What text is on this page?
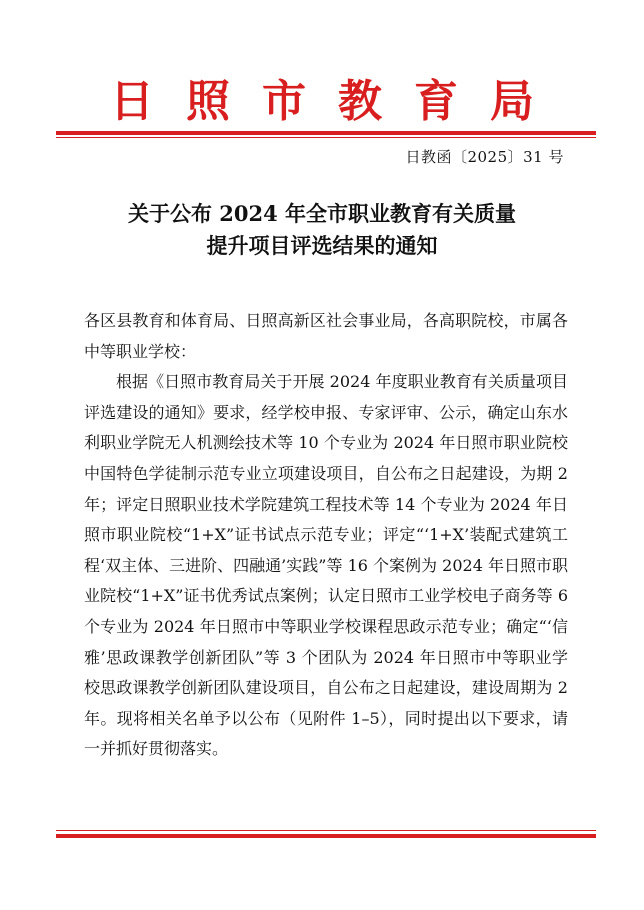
日照市教育局
日教函〔2025〕31 号
关于公布 2024 年全市职业教育有关质量
提升项目评选结果的通知

各区县教育和体育局、日照高新区社会事业局，各高职院校，市属各中等职业学校：

根据《日照市教育局关于开展 2024 年度职业教育有关质量项目评选建设的通知》要求，经学校申报、专家评审、公示，确定山东水利职业学院无人机测绘技术等 10 个专业为 2024 年日照市职业院校中国特色学徒制示范专业立项建设项目，自公布之日起建设，为期 2 年；评定日照职业技术学院建筑工程技术等 14 个专业为 2024 年日照市职业院校“1+X”证书试点示范专业；评定“‘1+X’装配式建筑工程‘双主体、三进阶、四融通’实践”等 16 个案例为 2024 年日照市职业院校“1+X”证书优秀试点案例；认定日照市工业学校电子商务等 6 个专业为 2024 年日照市中等职业学校课程思政示范专业；确定“‘信雅’思政课教学创新团队”等 3 个团队为 2024 年日照市中等职业学校思政课教学创新团队建设项目，自公布之日起建设，建设周期为 2 年。现将相关名单予以公布（见附件 1–5），同时提出以下要求，请一并抓好贯彻落实。
